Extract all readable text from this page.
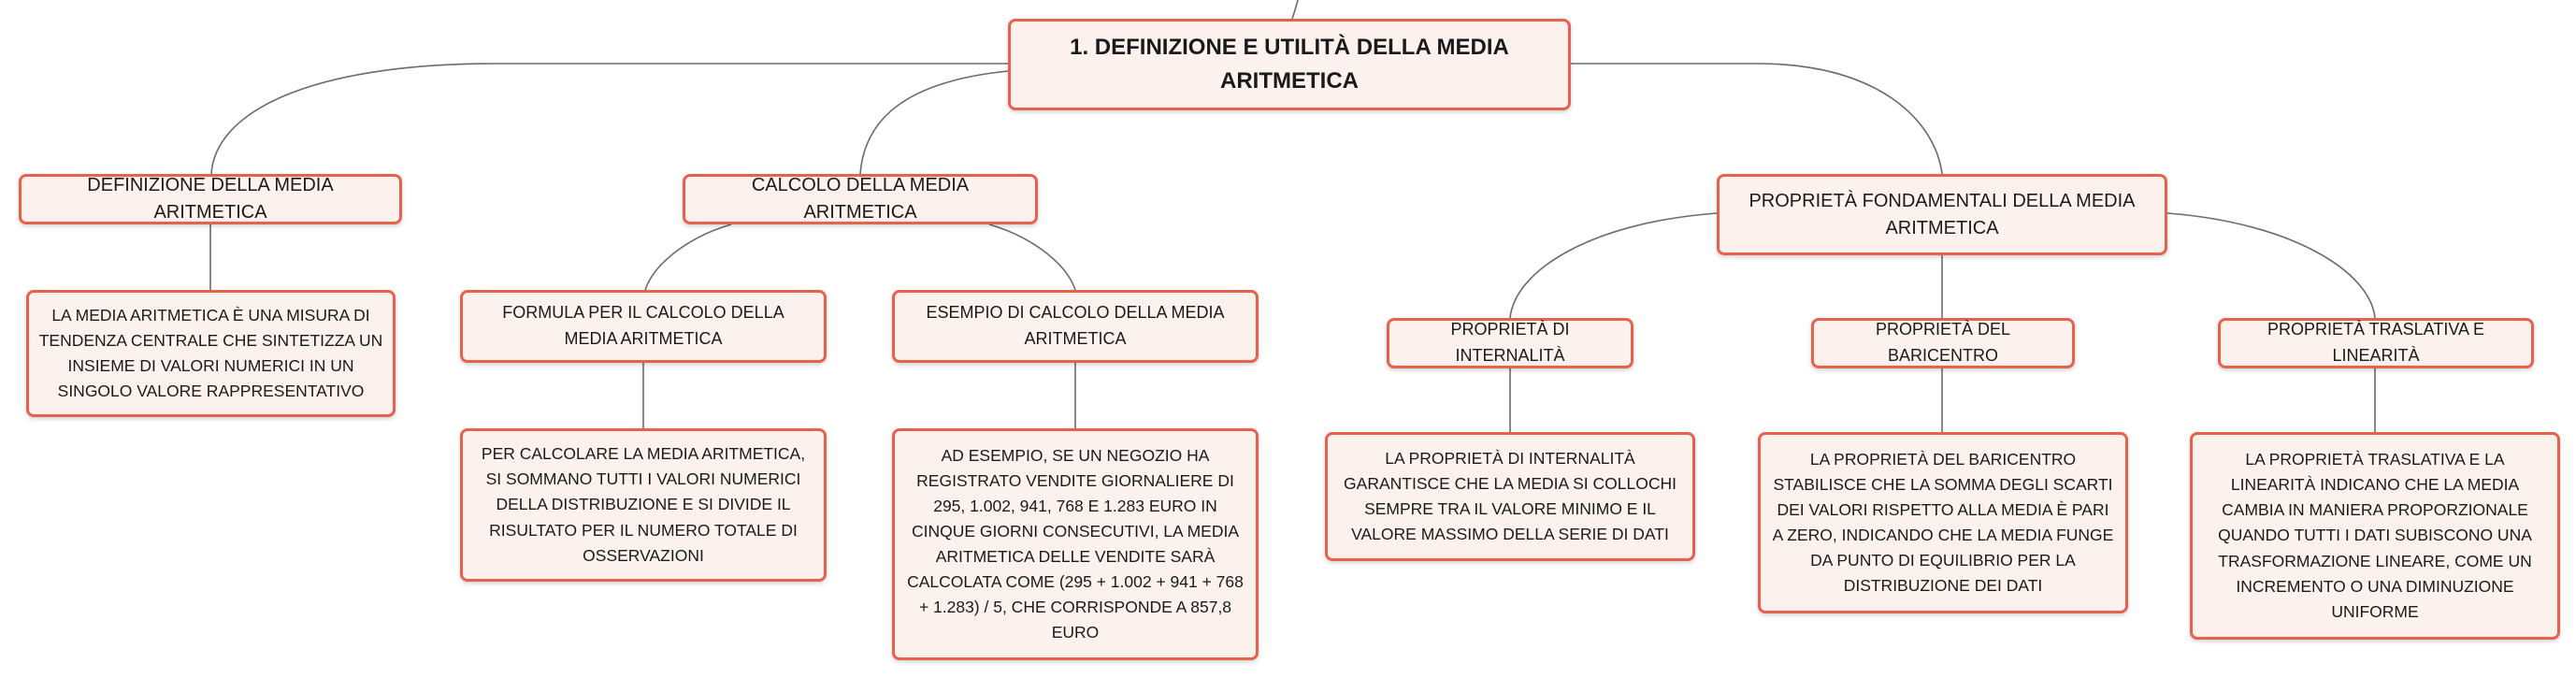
1. DEFINIZIONE E UTILITÀ DELLA MEDIA ARITMETICA
DEFINIZIONE DELLA MEDIA ARITMETICA
LA MEDIA ARITMETICA È UNA MISURA DI TENDENZA CENTRALE CHE SINTETIZZA UN INSIEME DI VALORI NUMERICI IN UN SINGOLO VALORE RAPPRESENTATIVO
CALCOLO DELLA MEDIA ARITMETICA
FORMULA PER IL CALCOLO DELLA MEDIA ARITMETICA
PER CALCOLARE LA MEDIA ARITMETICA, SI SOMMANO TUTTI I VALORI NUMERICI DELLA DISTRIBUZIONE E SI DIVIDE IL RISULTATO PER IL NUMERO TOTALE DI OSSERVAZIONI
ESEMPIO DI CALCOLO DELLA MEDIA ARITMETICA
AD ESEMPIO, SE UN NEGOZIO HA REGISTRATO VENDITE GIORNALIERE DI 295, 1.002, 941, 768 E 1.283 EURO IN CINQUE GIORNI CONSECUTIVI, LA MEDIA ARITMETICA DELLE VENDITE SARÀ CALCOLATA COME (295 + 1.002 + 941 + 768 + 1.283) / 5, CHE CORRISPONDE A 857,8 EURO
PROPRIETÀ FONDAMENTALI DELLA MEDIA ARITMETICA
PROPRIETÀ DI INTERNALITÀ
LA PROPRIETÀ DI INTERNALITÀ GARANTISCE CHE LA MEDIA SI COLLOCHI SEMPRE TRA IL VALORE MINIMO E IL VALORE MASSIMO DELLA SERIE DI DATI
PROPRIETÀ DEL BARICENTRO
LA PROPRIETÀ DEL BARICENTRO STABILISCE CHE LA SOMMA DEGLI SCARTI DEI VALORI RISPETTO ALLA MEDIA È PARI A ZERO, INDICANDO CHE LA MEDIA FUNGE DA PUNTO DI EQUILIBRIO PER LA DISTRIBUZIONE DEI DATI
PROPRIETÀ TRASLATIVA E LINEARITÀ
LA PROPRIETÀ TRASLATIVA E LA LINEARITÀ INDICANO CHE LA MEDIA CAMBIA IN MANIERA PROPORZIONALE QUANDO TUTTI I DATI SUBISCONO UNA TRASFORMAZIONE LINEARE, COME UN INCREMENTO O UNA DIMINUZIONE UNIFORME
